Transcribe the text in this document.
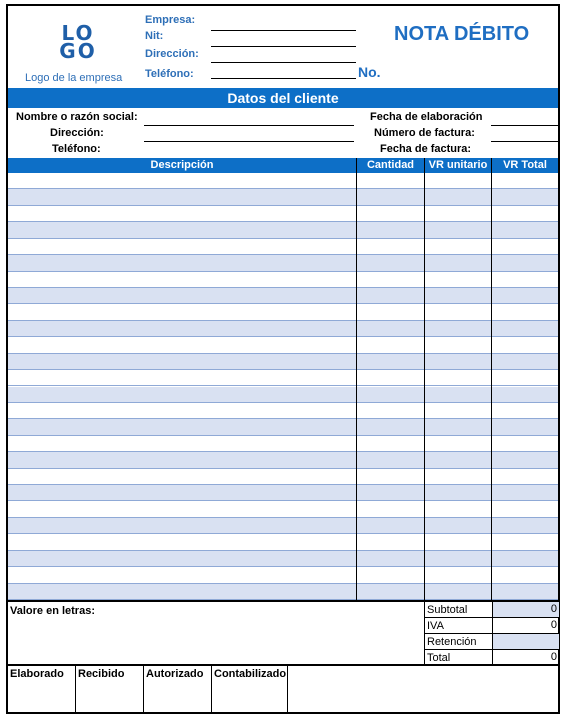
LO
GO
Logo de la empresa
Empresa:
Nit:
Dirección:
Teléfono:
NOTA DÉBITO
No.
Datos del cliente
Nombre o razón social:
Dirección:
Teléfono:
Fecha de elaboración
Número de factura:
Fecha de factura:
Descripción	Cantidad	VR unitario	VR Total
Valore en letras:	Subtotal	0
IVA	0
Retención
Total	0
Elaborado	Recibido	Autorizado Contabilizado
